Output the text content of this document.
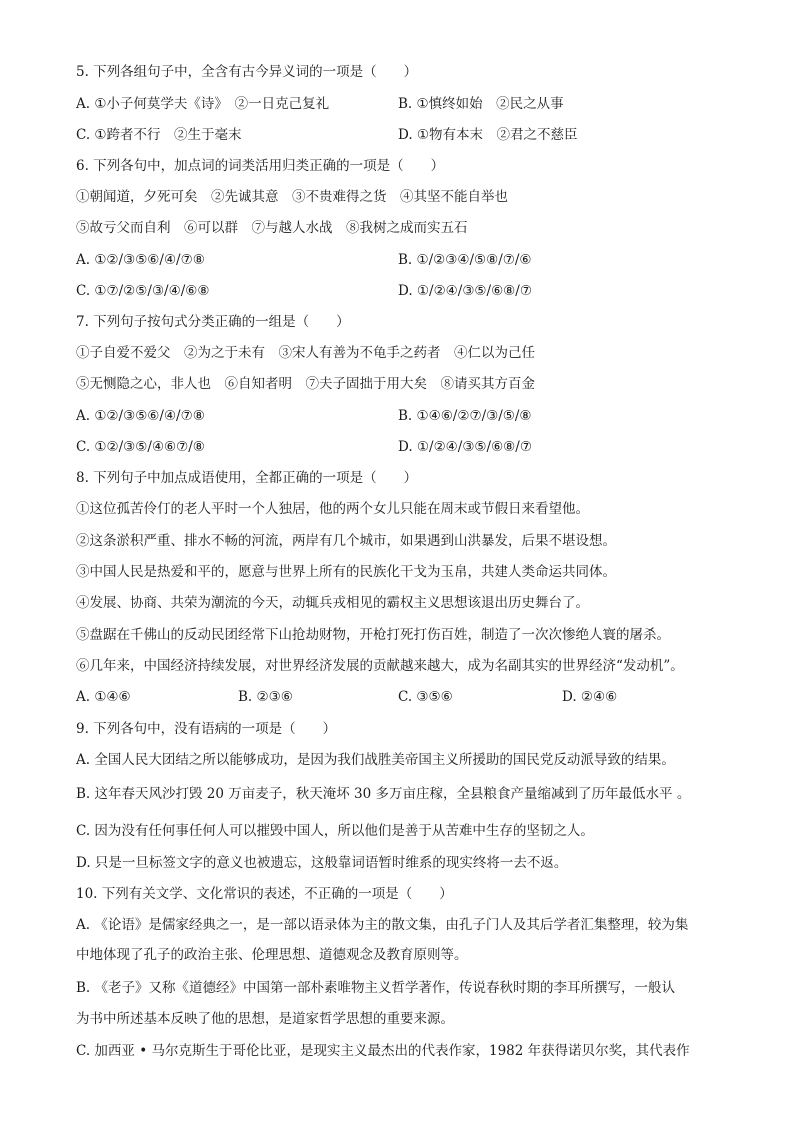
5. 下列各组句子中，全含有古今异义词的一项是（　　）
A. ①小子何莫学夫《诗》　②一日克己复礼	B. ①慎终如始　②民之从事
C. ①跨者不行　②生于毫末	D. ①物有本末　②君之不慈臣
6. 下列各句中，加点词的词类活用归类正确的一项是（　　）
①朝闻道，夕死可矣　②先诚其意　③不贵难得之货　④其坚不能自举也
⑤故亏父而自利　⑥可以群　⑦与越人水战　⑧我树之成而实五石
A. ①②/③⑤⑥/④/⑦⑧	B. ①/②③④/⑤⑧/⑦/⑥
C. ①⑦/②⑤/③/④/⑥⑧	D. ①/②④/③⑤/⑥⑧/⑦
7. 下列句子按句式分类正确的一组是（　　）
①子自爱不爱父　②为之于未有　③宋人有善为不龟手之药者　④仁以为己任
⑤无恻隐之心，非人也　⑥自知者明　⑦夫子固拙于用大矣　⑧请买其方百金
A. ①②/③⑤⑥/④/⑦⑧	B. ①④⑥/②⑦/③/⑤/⑧
C. ①②/③⑤/④⑥⑦/⑧	D. ①/②④/③⑤/⑥⑧/⑦
8. 下列句子中加点成语使用，全都正确的一项是（　　）
①这位孤苦伶仃的老人平时一个人独居，他的两个女儿只能在周末或节假日来看望他。
②这条淤积严重、排水不畅的河流，两岸有几个城市，如果遇到山洪暴发，后果不堪设想。
③中国人民是热爱和平的，愿意与世界上所有的民族化干戈为玉帛，共建人类命运共同体。
④发展、协商、共荣为潮流的今天，动辄兵戎相见的霸权主义思想该退出历史舞台了。
⑤盘踞在千佛山的反动民团经常下山抢劫财物，开枪打死打伤百姓，制造了一次次惨绝人寰的屠杀。
⑥几年来，中国经济持续发展，对世界经济发展的贡献越来越大，成为名副其实的世界经济“发动机”。
A. ①④⑥	B. ②③⑥	C. ③⑤⑥	D. ②④⑥
9. 下列各句中，没有语病的一项是（　　）
A. 全国人民大团结之所以能够成功，是因为我们战胜美帝国主义所援助的国民党反动派导致的结果。
B. 这年春天风沙打毁 20 万亩麦子，秋天淹坏 30 多万亩庄稼，全县粮食产量缩减到了历年最低水平 。
C. 因为没有任何事任何人可以摧毁中国人，所以他们是善于从苦难中生存的坚韧之人。
D. 只是一旦标签文字的意义也被遗忘，这般靠词语暂时维系的现实终将一去不返。
10. 下列有关文学、文化常识的表述，不正确的一项是（　　）
A. 《论语》是儒家经典之一，是一部以语录体为主的散文集，由孔子门人及其后学者汇集整理，较为集
中地体现了孔子的政治主张、伦理思想、道德观念及教育原则等。
B. 《老子》又称《道德经》中国第一部朴素唯物主义哲学著作，传说春秋时期的李耳所撰写，一般认
为书中所述基本反映了他的思想，是道家哲学思想的重要来源。
C. 加西亚 • 马尔克斯生于哥伦比亚，是现实主义最杰出的代表作家，1982 年获得诺贝尔奖，其代表作
